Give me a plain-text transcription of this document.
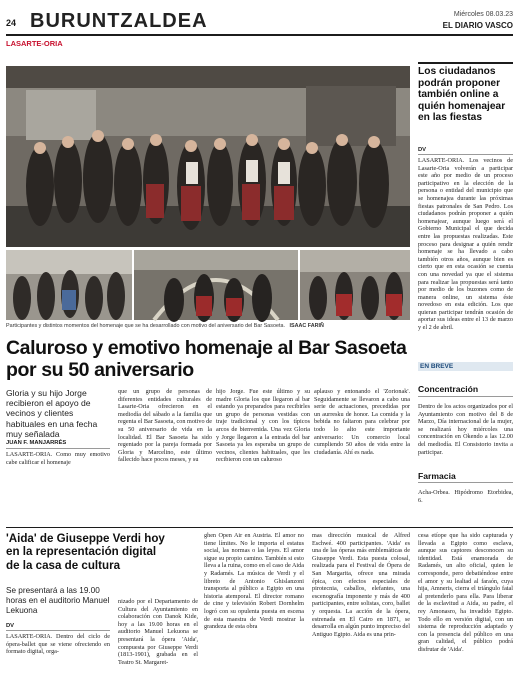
24 BURUNTZALDEA	Miércoles 08.03.23
EL DIARIO VASCO
LASARTE-ORIA
Participantes y distintos momentos del homenaje que se ha desarrollado con motivo del aniversario del Bar Sasoeta. ISAAC FARIÑ
Caluroso y emotivo homenaje al Bar Sasoeta por su 50 aniversario
Gloria y su hijo Jorge recibieron el apoyo de vecinos y clientes habituales en una fecha muy señalada
JUAN F. MANJARRÉS
LASARTE-ORIA. Como muy emotivo cabe calificar el homenaje
que un grupo de personas de diferentes entidades culturales de Lasarte-Oria ofrecieron en el mediodía del sábado a la familia que regenta el Bar Sasoeta, con motivo de su 50 aniversario de vida en la localidad. El Bar Sasoeta ha sido regentado por la pareja formada por Gloria y Marcelino, este último fallecido hace pocos meses, y su
hijo Jorge. Fue este último y su madre Gloria los que llegaron al bar estando ya preparados para recibirles un grupo de personas vestidas con traje tradicional y con los típicos arcos de bienvenida. Una vez Gloria y Jorge llegaron a la entrada del bar Sasoeta ya les esperaba un grupo de vecinos, clientes habituales, que les recibieron con un caluroso
aplauso y entonando el 'Zorionak'. Seguidamente se llevaron a cabo una serie de actuaciones, precedidas por un aurresku de honor. La comida y la bebida no faltaron para celebrar por todo lo alto este importante aniversario: Un comercio local cumpliendo 50 años de vida entre la ciudadanía. Ahí es nada.
Los ciudadanos podrán proponer también online a quién homenajear en las fiestas
DV
LASARTE-ORIA. Los vecinos de Lasarte-Oria volverán a participar este año por medio de un proceso participativo en la elección de la persona o entidad del municipio que se homenajea durante las próximas fiestas patronales de San Pedro. Los ciudadanos podrán proponer a quién homenajear, aunque luego será el Gobierno Municipal el que decida entre las propuestas realizadas. Este proceso para designar a quién rendir homenaje se ha llevado a cabo también otros años, aunque bien es cierto que en esta ocasión se cuenta con una novedad ya que el sistema para realizar las propuestas será tanto por medio de los buzones como de manera online, un sistema éste novedoso en esta edición. Los que quieran participar tendrán ocasión de aportar sus ideas entre el 13 de marzo y el 2 de abril.
EN BREVE
Concentración
Dentro de los actos organizados por el Ayuntamiento con motivo del 8 de Marzo, Día internacional de la mujer, se realizará hoy miércoles una concentración en Okendo a las 12.00 del mediodía. El Consistorio invita a participar.
Farmacia
Acha-Orbea. Hipódromo Etorbidea, 6.
'Aida' de Giuseppe Verdi hoy en la representación digital de la casa de cultura
Se presentará a las 19.00 horas en el auditorio Manuel Lekuona
DV
LASARTE-ORIA. Dentro del ciclo de ópera-ballet que se viene ofreciendo en formato digital, orga-
nizado por el Departamento de Cultura del Ayuntamiento en colaboración con Danok Kide, hoy a las 19.00 horas en el auditorio Manuel Lekuona se presentará la ópera 'Aida', compuesta por Giuseppe Verdi (1813-1901), grabada en el Teatro St. Margaret-
ghen Open Air en Austria. El amor no tiene límites. No le importa el estatus social, las normas o las leyes. El amor sigue su propio camino. También si esto lleva a la ruina, como en el caso de Aida y Radamés. La música de Verdi y el libreto de Antonio Ghislanzoni transporta al público a Egipto en una historia atemporal. El director romano de cine y televisión Robert Dornhelm logró con su opulenta puesta en escena de esta maestra de Verdi mostrar la grandeza de esta obra
mas dirección musical de Alfred Eschwé. 400 participantes. 'Aida' es una de las óperas más emblemáticas de Giuseppe Verdi. Esta puesta colosal, realizada para el Festival de Ópera de San Margarita, ofrece una mirada épica, con efectos especiales de pirotecnia, caballos, elefantes, una escenografía imponente y más de 400 participantes, entre solistas, coro, ballet y orquesta. La acción de la ópera, estrenada en El Cairo en 1871, se desarrolla en algún punto impreciso del Antiguo Egipto. Aida es una prin-
cesa etíope que ha sido capturada y llevada a Egipto como esclava, aunque sus captores desconocen su identidad. Está enamorada de Radamés, un alto oficial, quien le corresponde, pero debatiéndose entre el amor y su lealtad al faraón, cuya hija, Amneris, cierra el triángulo fatal al pretenderlo para ella. Para liberar de la esclavitud a Aida, su padre, el rey Amonasro, ha invadido Egipto. Todo ello en versión digital, con un sistema de reproducción adaptado y con la presencia del público en una gran calidad, el público podrá disfrutar de 'Aida'.
